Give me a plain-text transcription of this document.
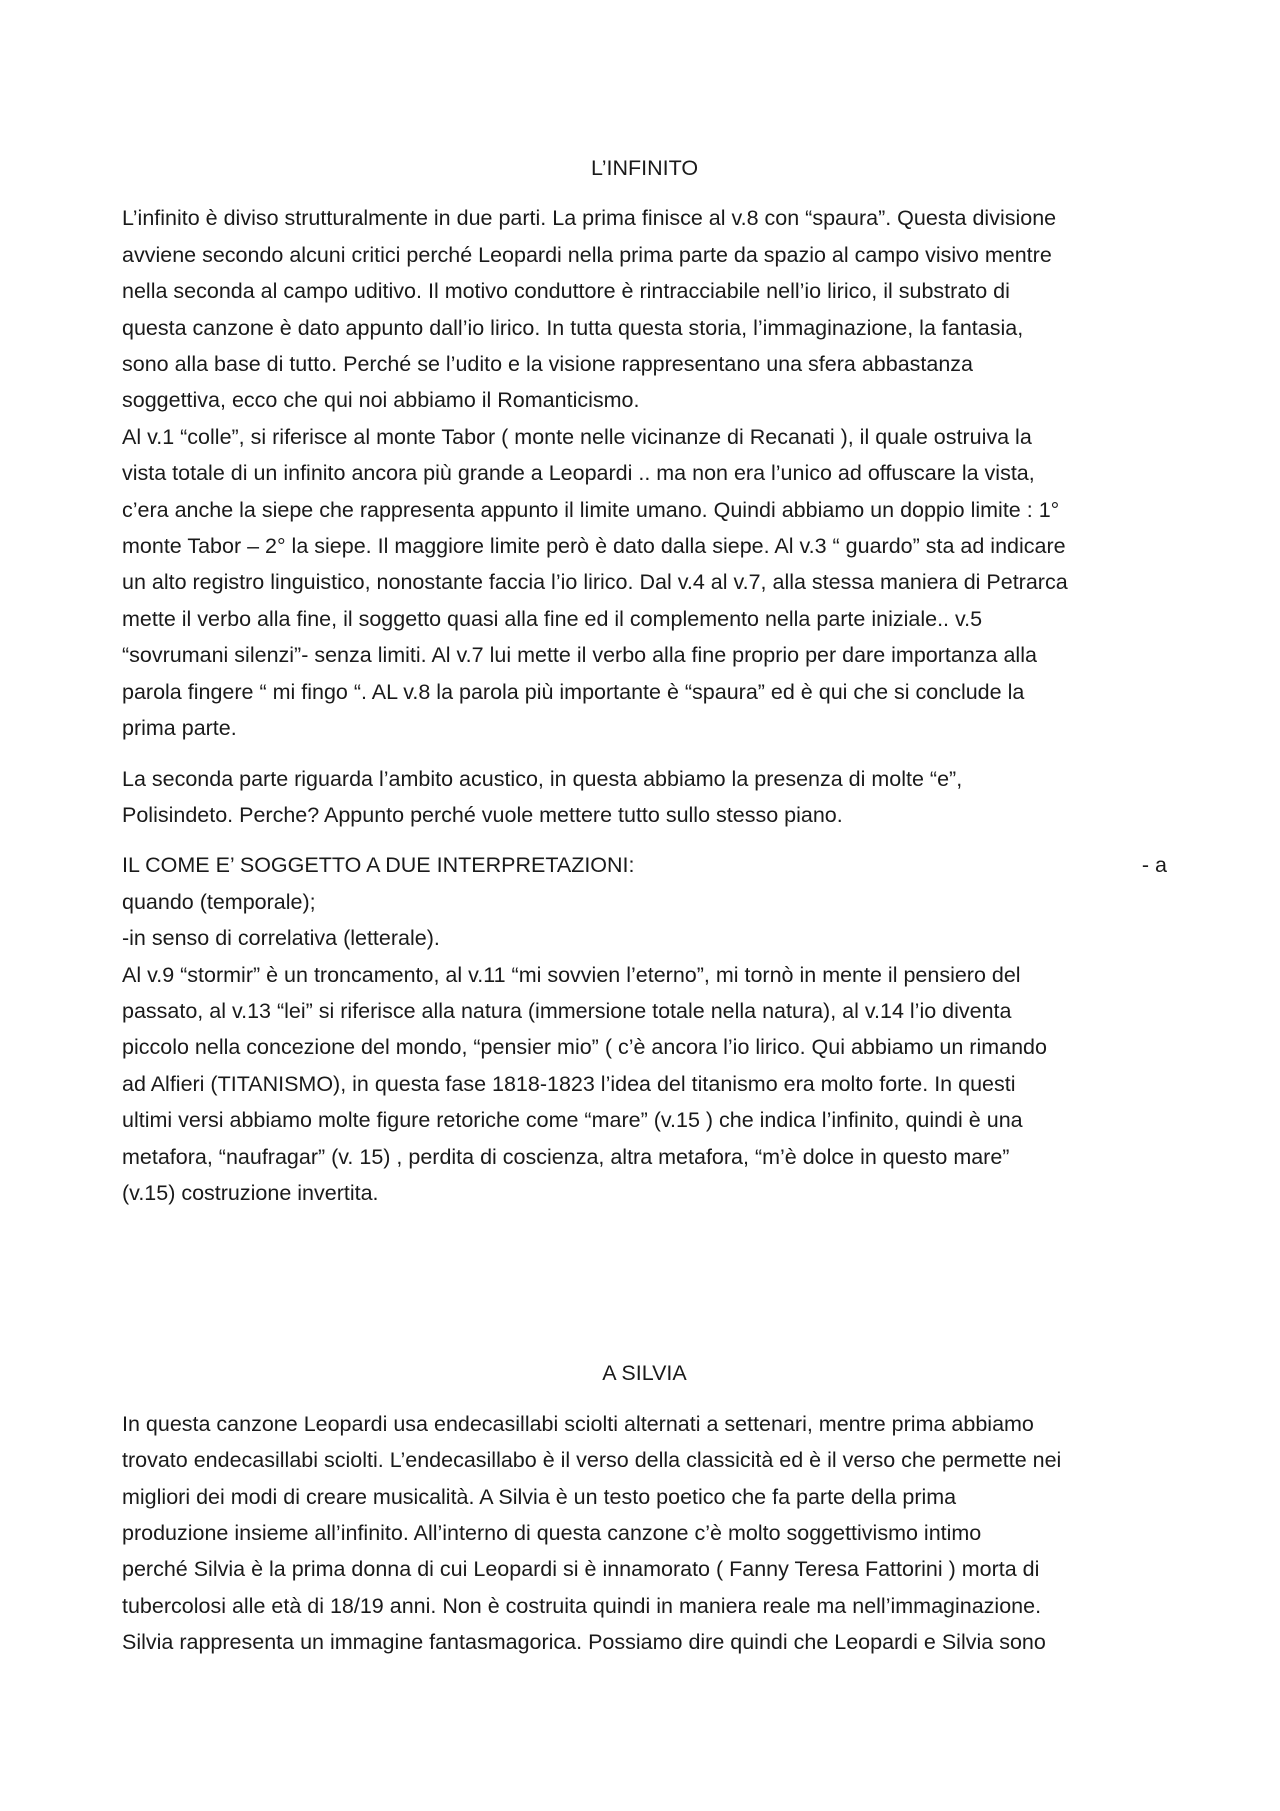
L’INFINITO
L’infinito è diviso strutturalmente in due parti. La prima finisce al v.8 con “spaura”. Questa divisione
avviene secondo alcuni critici perché Leopardi nella prima parte da spazio al campo visivo mentre
nella seconda al campo uditivo. Il motivo conduttore è rintracciabile nell’io lirico, il substrato di
questa canzone è dato appunto dall’io lirico. In tutta questa storia, l’immaginazione, la fantasia,
sono alla base di tutto. Perché se l’udito e la visione rappresentano una sfera abbastanza
soggettiva, ecco che qui noi abbiamo il Romanticismo.
Al v.1 “colle”, si riferisce al monte Tabor ( monte nelle vicinanze di Recanati ), il quale ostruiva la
vista totale di un infinito ancora più grande a Leopardi .. ma non era l’unico ad offuscare la vista,
c’era anche la siepe che rappresenta appunto il limite umano. Quindi abbiamo un doppio limite : 1°
monte Tabor – 2° la siepe. Il maggiore limite però è dato dalla siepe. Al v.3 “ guardo” sta ad indicare
un alto registro linguistico, nonostante faccia l’io lirico. Dal v.4 al v.7, alla stessa maniera di Petrarca
mette il verbo alla fine, il soggetto quasi alla fine ed il complemento nella parte iniziale.. v.5
“sovrumani silenzi”- senza limiti. Al v.7 lui mette il verbo alla fine proprio per dare importanza alla
parola fingere “ mi fingo “. AL v.8 la parola più importante è “spaura” ed è qui che si conclude la
prima parte.
La seconda parte riguarda l’ambito acustico, in questa abbiamo la presenza di molte “e”,
Polisindeto. Perche? Appunto perché vuole mettere tutto sullo stesso piano.
IL COME E’ SOGGETTO A DUE INTERPRETAZIONI:	- a
quando (temporale);
-in senso di correlativa (letterale).
Al v.9 “stormir” è un troncamento, al v.11 “mi sovvien l’eterno”, mi tornò in mente il pensiero del
passato, al v.13 “lei” si riferisce alla natura (immersione totale nella natura), al v.14 l’io diventa
piccolo nella concezione del mondo, “pensier mio” ( c’è ancora l’io lirico. Qui abbiamo un rimando
ad Alfieri (TITANISMO), in questa fase 1818-1823 l’idea del titanismo era molto forte. In questi
ultimi versi abbiamo molte figure retoriche come “mare” (v.15 ) che indica l’infinito, quindi è una
metafora, “naufragar” (v. 15) , perdita di coscienza, altra metafora, “m’è dolce in questo mare”
(v.15) costruzione invertita.
A SILVIA
In questa canzone Leopardi usa endecasillabi sciolti alternati a settenari, mentre prima abbiamo
trovato endecasillabi sciolti. L’endecasillabo è il verso della classicità ed è il verso che permette nei
migliori dei modi di creare musicalità. A Silvia è un testo poetico che fa parte della prima
produzione insieme all’infinito. All’interno di questa canzone c’è molto soggettivismo intimo
perché Silvia è la prima donna di cui Leopardi si è innamorato ( Fanny Teresa Fattorini ) morta di
tubercolosi alle età di 18/19 anni. Non è costruita quindi in maniera reale ma nell’immaginazione.
Silvia rappresenta un immagine fantasmagorica. Possiamo dire quindi che Leopardi e Silvia sono
